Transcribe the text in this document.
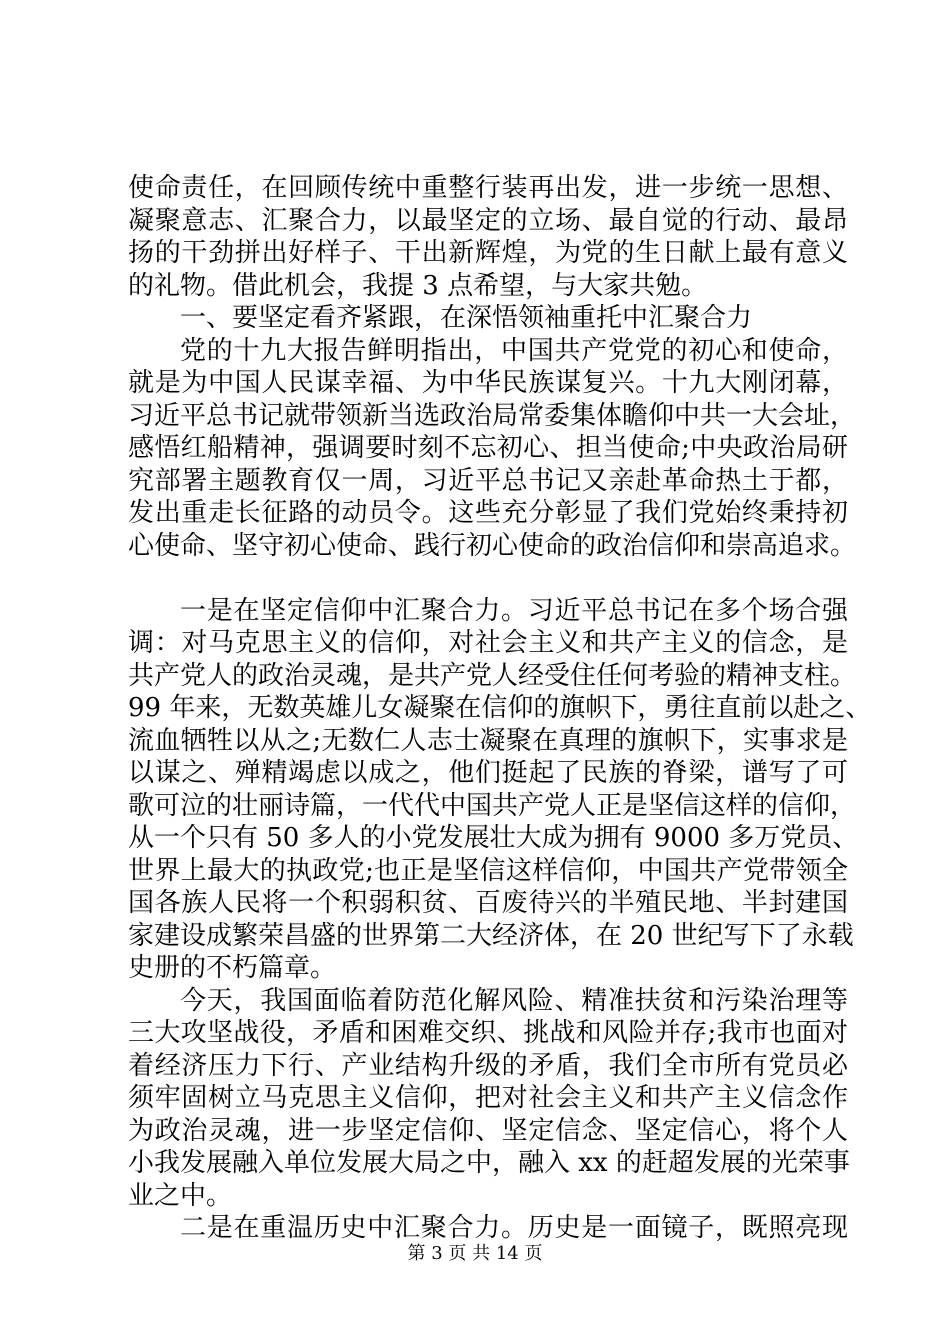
使命责任，在回顾传统中重整行装再出发，进一步统一思想、
凝聚意志、汇聚合力，以最坚定的立场、最自觉的行动、最昂
扬的干劲拼出好样子、干出新辉煌，为党的生日献上最有意义
的礼物。借此机会，我提 3 点希望，与大家共勉。
一、要坚定看齐紧跟，在深悟领袖重托中汇聚合力
党的十九大报告鲜明指出，中国共产党党的初心和使命，
就是为中国人民谋幸福、为中华民族谋复兴。十九大刚闭幕，
习近平总书记就带领新当选政治局常委集体瞻仰中共一大会址，
感悟红船精神，强调要时刻不忘初心、担当使命;中央政治局研
究部署主题教育仅一周，习近平总书记又亲赴革命热土于都，
发出重走长征路的动员令。这些充分彰显了我们党始终秉持初
心使命、坚守初心使命、践行初心使命的政治信仰和崇高追求。
一是在坚定信仰中汇聚合力。习近平总书记在多个场合强
调：对马克思主义的信仰，对社会主义和共产主义的信念，是
共产党人的政治灵魂，是共产党人经受住任何考验的精神支柱。
99 年来，无数英雄儿女凝聚在信仰的旗帜下，勇往直前以赴之、
流血牺牲以从之;无数仁人志士凝聚在真理的旗帜下，实事求是
以谋之、殚精竭虑以成之，他们挺起了民族的脊梁，谱写了可
歌可泣的壮丽诗篇，一代代中国共产党人正是坚信这样的信仰，
从一个只有 50 多人的小党发展壮大成为拥有 9000 多万党员、
世界上最大的执政党;也正是坚信这样信仰，中国共产党带领全
国各族人民将一个积弱积贫、百废待兴的半殖民地、半封建国
家建设成繁荣昌盛的世界第二大经济体，在 20 世纪写下了永载
史册的不朽篇章。
今天，我国面临着防范化解风险、精准扶贫和污染治理等
三大攻坚战役，矛盾和困难交织、挑战和风险并存;我市也面对
着经济压力下行、产业结构升级的矛盾，我们全市所有党员必
须牢固树立马克思主义信仰，把对社会主义和共产主义信念作
为政治灵魂，进一步坚定信仰、坚定信念、坚定信心，将个人
小我发展融入单位发展大局之中，融入 xx 的赶超发展的光荣事
业之中。
二是在重温历史中汇聚合力。历史是一面镜子，既照亮现
第 3 页 共 14 页
